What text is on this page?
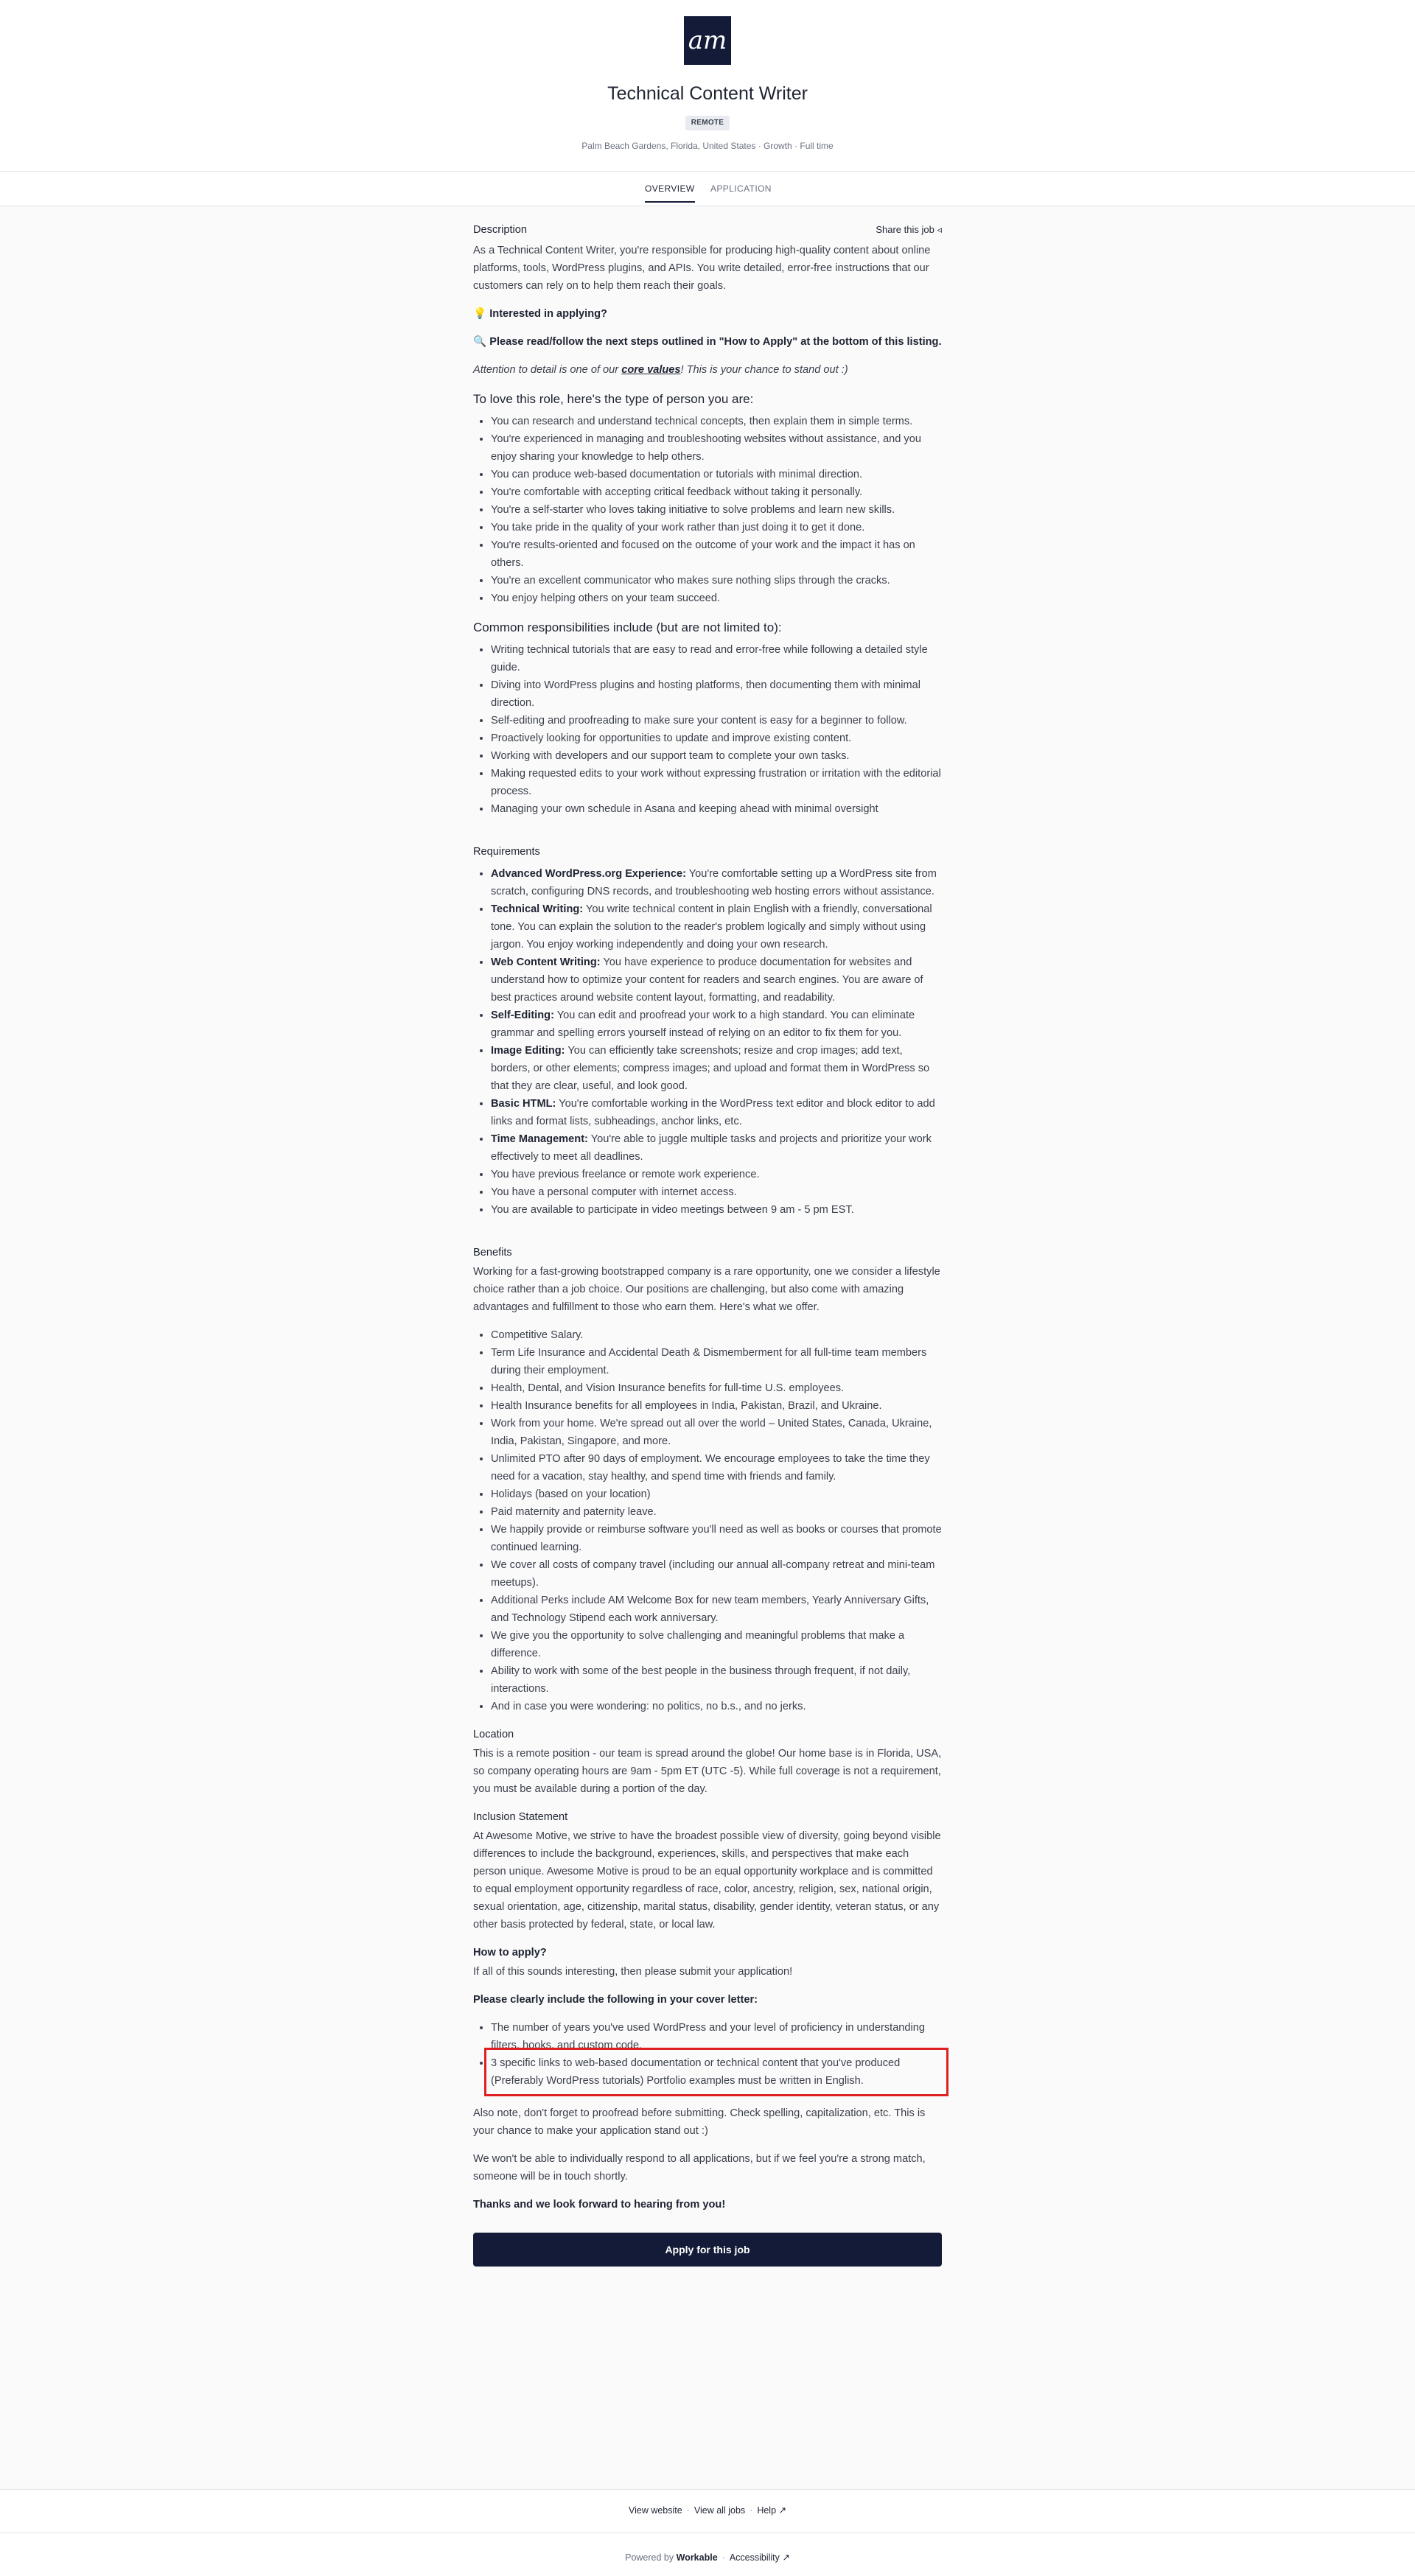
am
Technical Content Writer
REMOTE
Palm Beach Gardens, Florida, United States · Growth · Full time
OVERVIEW APPLICATION
Description	Share this job ◃

As a Technical Content Writer, you're responsible for producing high-quality content about online platforms, tools, WordPress plugins, and APIs. You write detailed, error-free instructions that our customers can rely on to help them reach their goals.

💡 Interested in applying?

🔍 Please read/follow the next steps outlined in "How to Apply" at the bottom of this listing.

Attention to detail is one of our core values! This is your chance to stand out :)

To love this role, here's the type of person you are:
• You can research and understand technical concepts, then explain them in simple terms.
• You're experienced in managing and troubleshooting websites without assistance, and you enjoy sharing your knowledge to help others.
• You can produce web-based documentation or tutorials with minimal direction.
• You're comfortable with accepting critical feedback without taking it personally.
• You're a self-starter who loves taking initiative to solve problems and learn new skills.
• You take pride in the quality of your work rather than just doing it to get it done.
• You're results-oriented and focused on the outcome of your work and the impact it has on others.
• You're an excellent communicator who makes sure nothing slips through the cracks.
• You enjoy helping others on your team succeed.
Common responsibilities include (but are not limited to):
• Writing technical tutorials that are easy to read and error-free while following a detailed style guide.
• Diving into WordPress plugins and hosting platforms, then documenting them with minimal direction.
• Self-editing and proofreading to make sure your content is easy for a beginner to follow.
• Proactively looking for opportunities to update and improve existing content.
• Working with developers and our support team to complete your own tasks.
• Making requested edits to your work without expressing frustration or irritation with the editorial process.
• Managing your own schedule in Asana and keeping ahead with minimal oversight
Requirements
• Advanced WordPress.org Experience: You're comfortable setting up a WordPress site from scratch, configuring DNS records, and troubleshooting web hosting errors without assistance.
• Technical Writing: You write technical content in plain English with a friendly, conversational tone. You can explain the solution to the reader's problem logically and simply without using jargon. You enjoy working independently and doing your own research.
• Web Content Writing: You have experience to produce documentation for websites and understand how to optimize your content for readers and search engines. You are aware of best practices around website content layout, formatting, and readability.
• Self-Editing: You can edit and proofread your work to a high standard. You can eliminate grammar and spelling errors yourself instead of relying on an editor to fix them for you.
• Image Editing: You can efficiently take screenshots; resize and crop images; add text, borders, or other elements; compress images; and upload and format them in WordPress so that they are clear, useful, and look good.
• Basic HTML: You're comfortable working in the WordPress text editor and block editor to add links and format lists, subheadings, anchor links, etc.
• Time Management: You're able to juggle multiple tasks and projects and prioritize your work effectively to meet all deadlines.
• You have previous freelance or remote work experience.
• You have a personal computer with internet access.
• You are available to participate in video meetings between 9 am - 5 pm EST.
Benefits

Working for a fast-growing bootstrapped company is a rare opportunity, one we consider a lifestyle choice rather than a job choice. Our positions are challenging, but also come with amazing advantages and fulfillment to those who earn them. Here's what we offer.

• Competitive Salary.
• Term Life Insurance and Accidental Death & Dismemberment for all full-time team members during their employment.
• Health, Dental, and Vision Insurance benefits for full-time U.S. employees.
• Health Insurance benefits for all employees in India, Pakistan, Brazil, and Ukraine.
• Work from your home. We're spread out all over the world – United States, Canada, Ukraine, India, Pakistan, Singapore, and more.
• Unlimited PTO after 90 days of employment. We encourage employees to take the time they need for a vacation, stay healthy, and spend time with friends and family.
• Holidays (based on your location)
• Paid maternity and paternity leave.
• We happily provide or reimburse software you'll need as well as books or courses that promote continued learning.
• We cover all costs of company travel (including our annual all-company retreat and mini-team meetups).
• Additional Perks include AM Welcome Box for new team members, Yearly Anniversary Gifts, and Technology Stipend each work anniversary.
• We give you the opportunity to solve challenging and meaningful problems that make a difference.
• Ability to work with some of the best people in the business through frequent, if not daily, interactions.
• And in case you were wondering: no politics, no b.s., and no jerks.
Location

This is a remote position - our team is spread around the globe! Our home base is in Florida, USA, so company operating hours are 9am - 5pm ET (UTC -5). While full coverage is not a requirement, you must be available during a portion of the day.

Inclusion Statement

At Awesome Motive, we strive to have the broadest possible view of diversity, going beyond visible differences to include the background, experiences, skills, and perspectives that make each person unique. Awesome Motive is proud to be an equal opportunity workplace and is committed to equal employment opportunity regardless of race, color, ancestry, religion, sex, national origin, sexual orientation, age, citizenship, marital status, disability, gender identity, veteran status, or any other basis protected by federal, state, or local law.

How to apply?

If all of this sounds interesting, then please submit your application!

Please clearly include the following in your cover letter:

• The number of years you've used WordPress and your level of proficiency in understanding filters, hooks, and custom code.
• 3 specific links to web-based documentation or technical content that you've produced (Preferably WordPress tutorials) Portfolio examples must be written in English.

Also note, don't forget to proofread before submitting. Check spelling, capitalization, etc. This is your chance to make your application stand out :)

We won't be able to individually respond to all applications, but if we feel you're a strong match, someone will be in touch shortly.

Thanks and we look forward to hearing from you!

Apply for this job
View website · View all jobs · Help ↗
Powered by Workable · Accessibility ↗
